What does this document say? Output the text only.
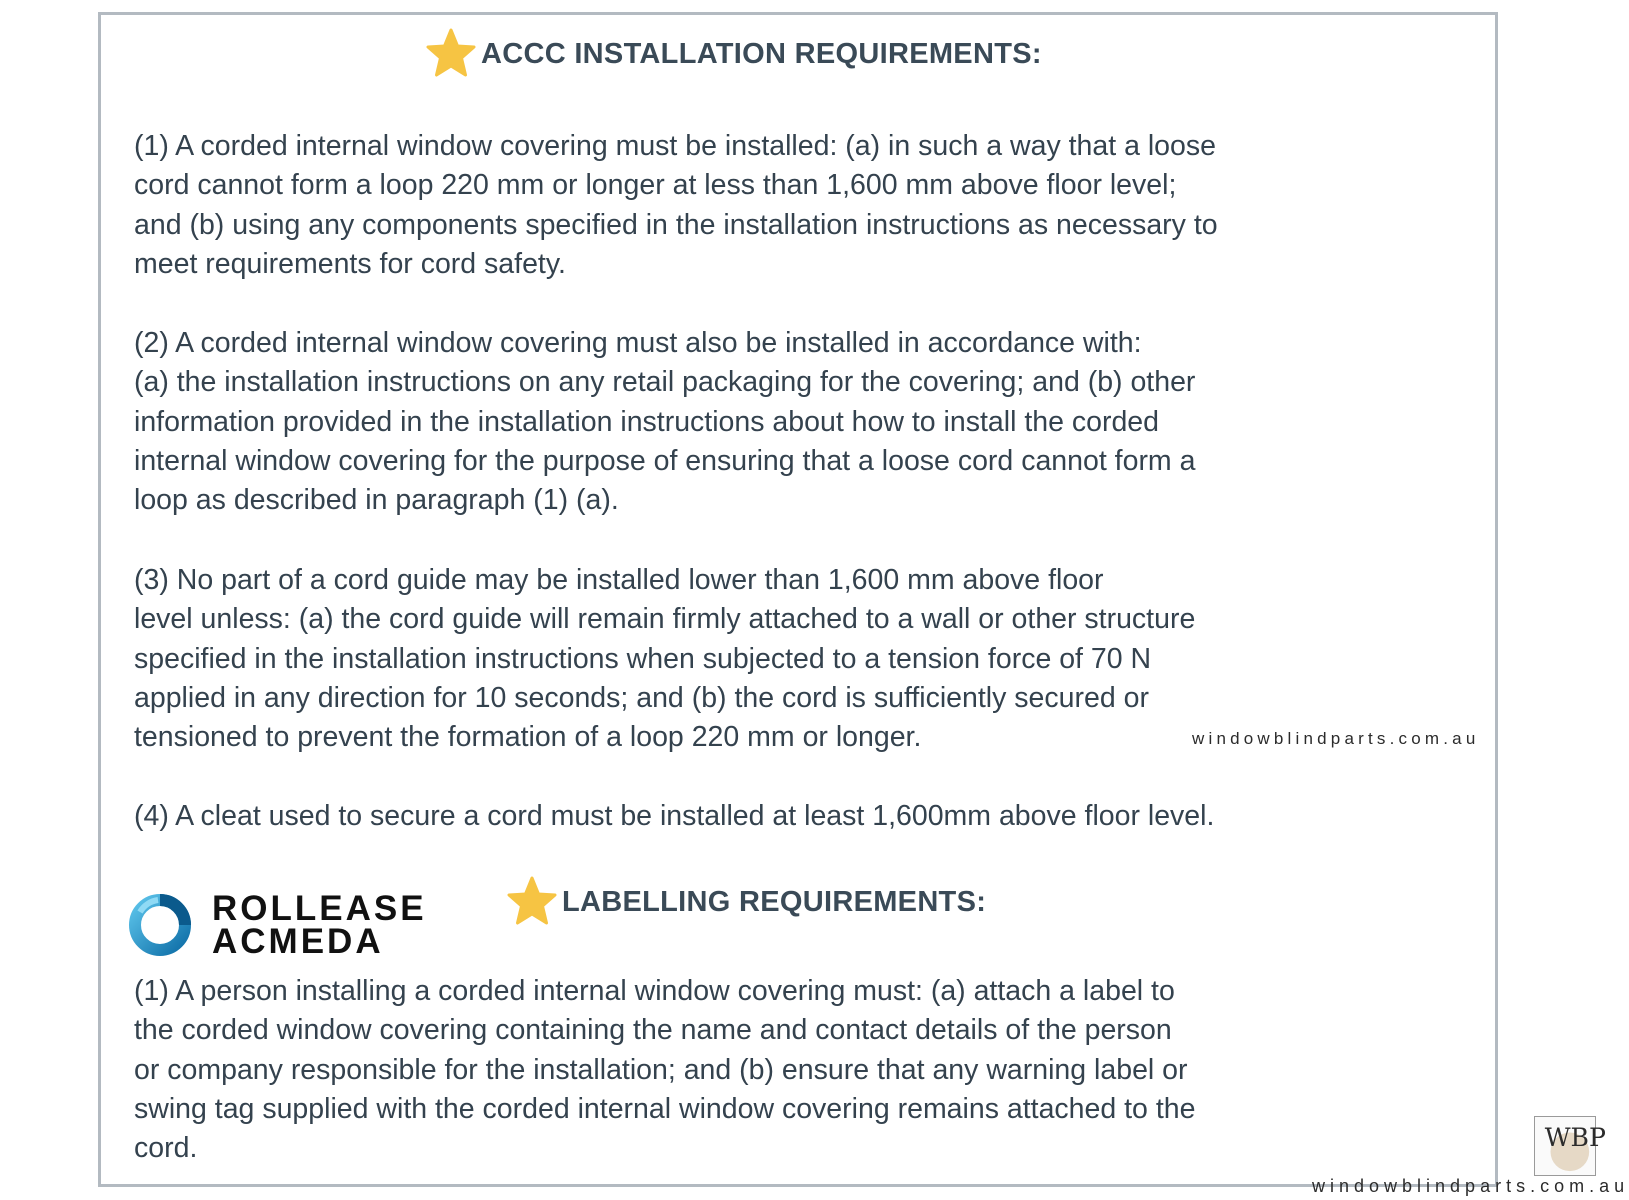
ACCC INSTALLATION REQUIREMENTS:

(1) A corded internal window covering must be installed: (a) in such a way that a loose
cord cannot form a loop 220 mm or longer at less than 1,600 mm above floor level;
and (b) using any components specified in the installation instructions as necessary to
meet requirements for cord safety.

(2) A corded internal window covering must also be installed in accordance with:
(a) the installation instructions on any retail packaging for the covering; and (b) other
information provided in the installation instructions about how to install the corded
internal window covering for the purpose of ensuring that a loose cord cannot form a
loop as described in paragraph (1) (a).

(3) No part of a cord guide may be installed lower than 1,600 mm above floor
level unless: (a) the cord guide will remain firmly attached to a wall or other structure
specified in the installation instructions when subjected to a tension force of 70 N
applied in any direction for 10 seconds; and (b) the cord is sufficiently secured or
tensioned to prevent the formation of a loop 220 mm or longer.	windowblindparts.com.au

(4) A cleat used to secure a cord must be installed at least 1,600mm above floor level.

ROLLEASE
ACMEDA
LABELLING REQUIREMENTS:

(1) A person installing a corded internal window covering must: (a) attach a label to
the corded window covering containing the name and contact details of the person
or company responsible for the installation; and (b) ensure that any warning label or
swing tag supplied with the corded internal window covering remains attached to the
cord.	WBP
windowblindparts.com.au
